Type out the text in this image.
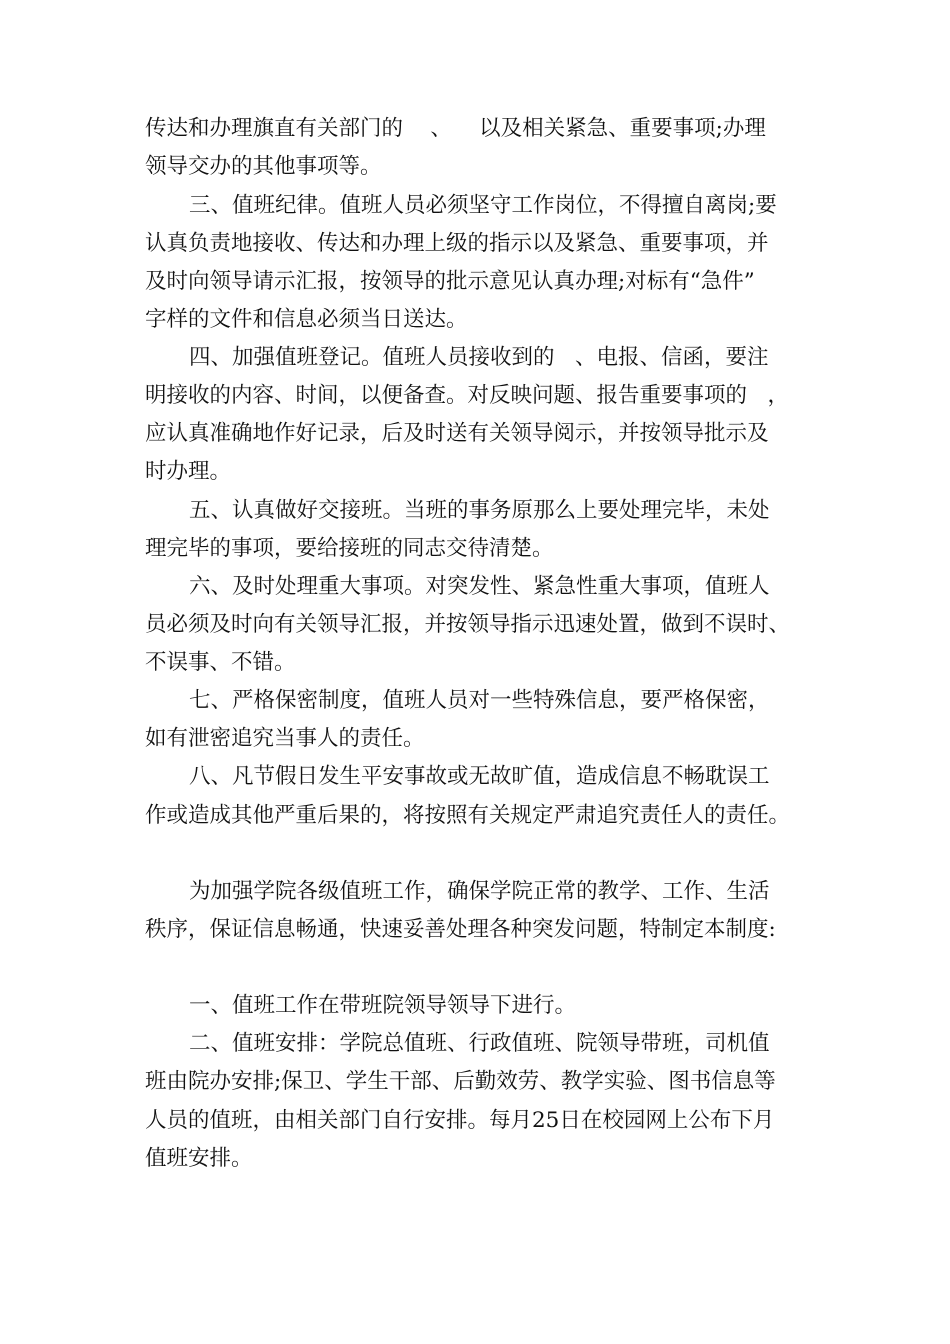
传达和办理旗直有关部门的    、    以及相关紧急、重要事项;办理

领导交办的其他事项等。

三、值班纪律。值班人员必须坚守工作岗位，不得擅自离岗;要

认真负责地接收、传达和办理上级的指示以及紧急、重要事项，并

及时向领导请示汇报，按领导的批示意见认真办理;对标有“急件”

字样的文件和信息必须当日送达。

四、加强值班登记。值班人员接收到的   、电报、信函，要注

明接收的内容、时间，以便备查。对反映问题、报告重要事项的   ，

应认真准确地作好记录，后及时送有关领导阅示，并按领导批示及

时办理。

五、认真做好交接班。当班的事务原那么上要处理完毕，未处

理完毕的事项，要给接班的同志交待清楚。

六、及时处理重大事项。对突发性、紧急性重大事项，值班人

员必须及时向有关领导汇报，并按领导指示迅速处置，做到不误时、

不误事、不错。

七、严格保密制度，值班人员对一些特殊信息，要严格保密，

如有泄密追究当事人的责任。

八、凡节假日发生平安事故或无故旷值，造成信息不畅耽误工

作或造成其他严重后果的，将按照有关规定严肃追究责任人的责任。

为加强学院各级值班工作，确保学院正常的教学、工作、生活

秩序，保证信息畅通，快速妥善处理各种突发问题，特制定本制度:

一、值班工作在带班院领导领导下进行。

二、值班安排：学院总值班、行政值班、院领导带班，司机值

班由院办安排;保卫、学生干部、后勤效劳、教学实验、图书信息等

人员的值班，由相关部门自行安排。每月25日在校园网上公布下月

值班安排。
